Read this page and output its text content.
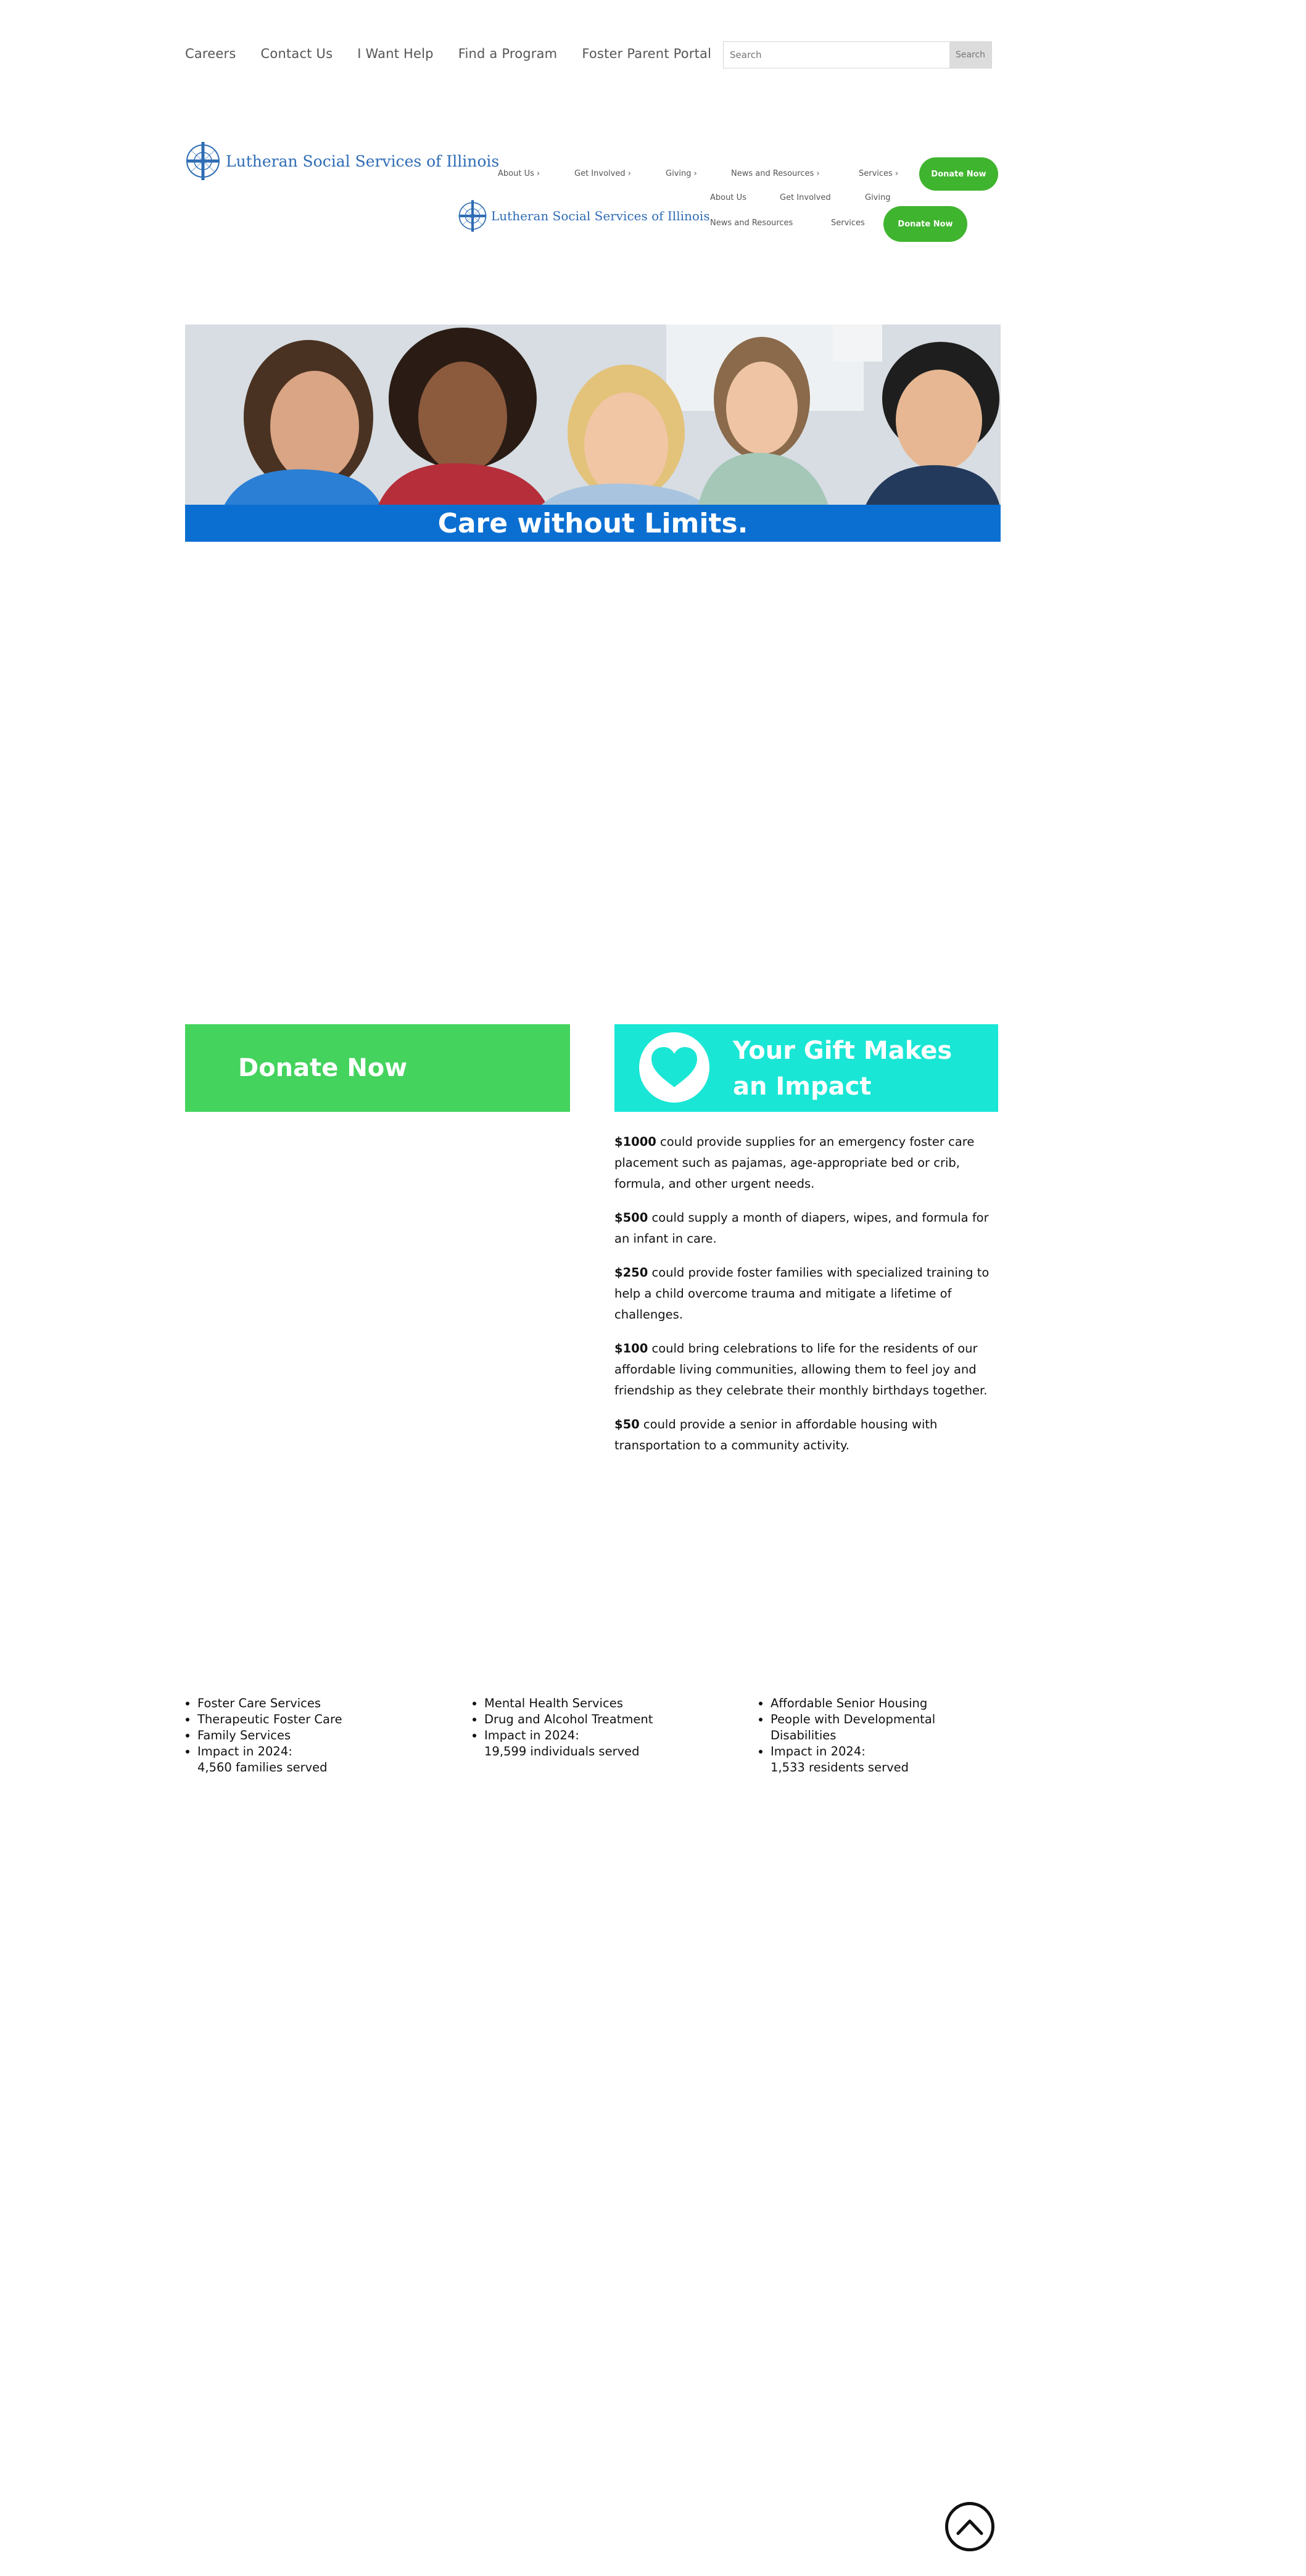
Careers Contact Us I Want Help Find a Program Foster Parent Portal
Search	Search
Lutheran Social Services of Illinois
About Us ›	Get Involved ›	Giving ›	News and Resources ›	Services ›	Donate Now
Lutheran Social Services of Illinois
About Us	Get Involved	Giving
News and Resources	Services	Donate Now
Care without Limits.
Donate Now
Your Gift Makes an Impact

$1000 could provide supplies for an emergency foster care placement such as pajamas, age-appropriate bed or crib, formula, and other urgent needs.

$500 could supply a month of diapers, wipes, and formula for an infant in care.

$250 could provide foster families with specialized training to help a child overcome trauma and mitigate a lifetime of challenges.

$100 could bring celebrations to life for the residents of our affordable living communities, allowing them to feel joy and friendship as they celebrate their monthly birthdays together.

$50 could provide a senior in affordable housing with transportation to a community activity.

• Foster Care Services
• Therapeutic Foster Care
• Family Services
• Impact in 2024:
4,560 families served
• Mental Health Services
• Drug and Alcohol Treatment
• Impact in 2024:
19,599 individuals served
• Affordable Senior Housing
• People with Developmental Disabilities
• Impact in 2024:
1,533 residents served
